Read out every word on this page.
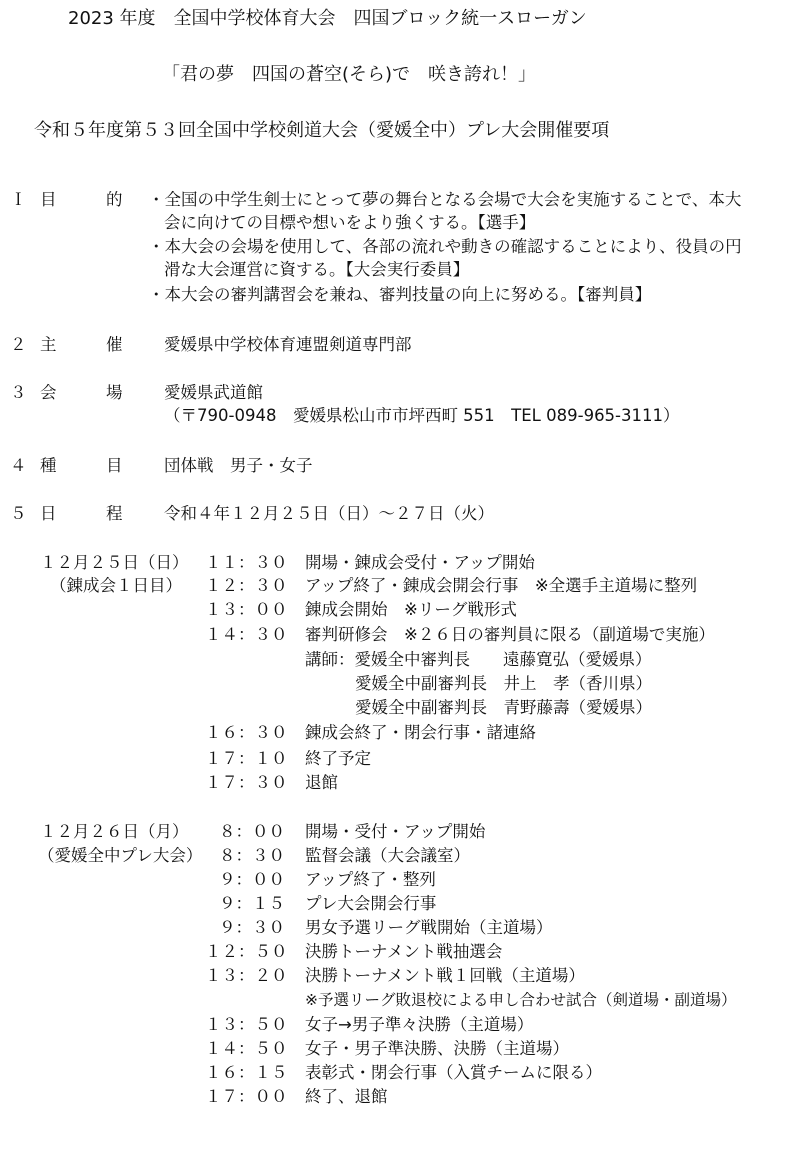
2023 年度　全国中学校体育大会　四国ブロック統一スローガン
「君の夢　四国の蒼空(そら)で　咲き誇れ！」
令和５年度第５３回全国中学校剣道大会（愛媛全中）プレ大会開催要項
Ｉ 目　　　的 ・全国の中学生剣士にとって夢の舞台となる会場で大会を実施することで、本大
会に向けての目標や想いをより強くする。【選手】
・本大会の会場を使用して、各部の流れや動きの確認することにより、役員の円
滑な大会運営に資する。【大会実行委員】
・本大会の審判講習会を兼ね、審判技量の向上に努める。【審判員】
２ 主　　　催	愛媛県中学校体育連盟剣道専門部
３ 会　　　場	愛媛県武道館
（〒790-0948　愛媛県松山市市坪西町 551　TEL 089-965-3111）
４ 種　　　目	団体戦　男子・女子
５ 日　　　程	令和４年１２月２５日（日）～２７日（火）
１２月２５日（日）
（錬成会１日目）
１１：３０ 開場・錬成会受付・アップ開始
１２：３０ アップ終了・錬成会開会行事　※全選手主道場に整列
１３：００ 錬成会開始　※リーグ戦形式
１４：３０ 審判研修会　※２６日の審判員に限る（副道場で実施）
講師：愛媛全中審判長　　遠藤寛弘（愛媛県）
愛媛全中副審判長　井上　孝（香川県）
愛媛全中副審判長　青野藤壽（愛媛県）
１６：３０ 錬成会終了・閉会行事・諸連絡
１７：１０ 終了予定
１７：３０ 退館
１２月２６日（月）
（愛媛全中プレ大会）
８：００ 開場・受付・アップ開始
８：３０ 監督会議（大会議室）
９：００ アップ終了・整列
９：１５ プレ大会開会行事
９：３０ 男女予選リーグ戦開始（主道場）
１２：５０ 決勝トーナメント戦抽選会
１３：２０ 決勝トーナメント戦１回戦（主道場）
※予選リーグ敗退校による申し合わせ試合（剣道場・副道場）
１３：５０ 女子→男子準々決勝（主道場）
１４：５０ 女子・男子準決勝、決勝（主道場）
１６：１５ 表彰式・閉会行事（入賞チームに限る）
１７：００ 終了、退館
